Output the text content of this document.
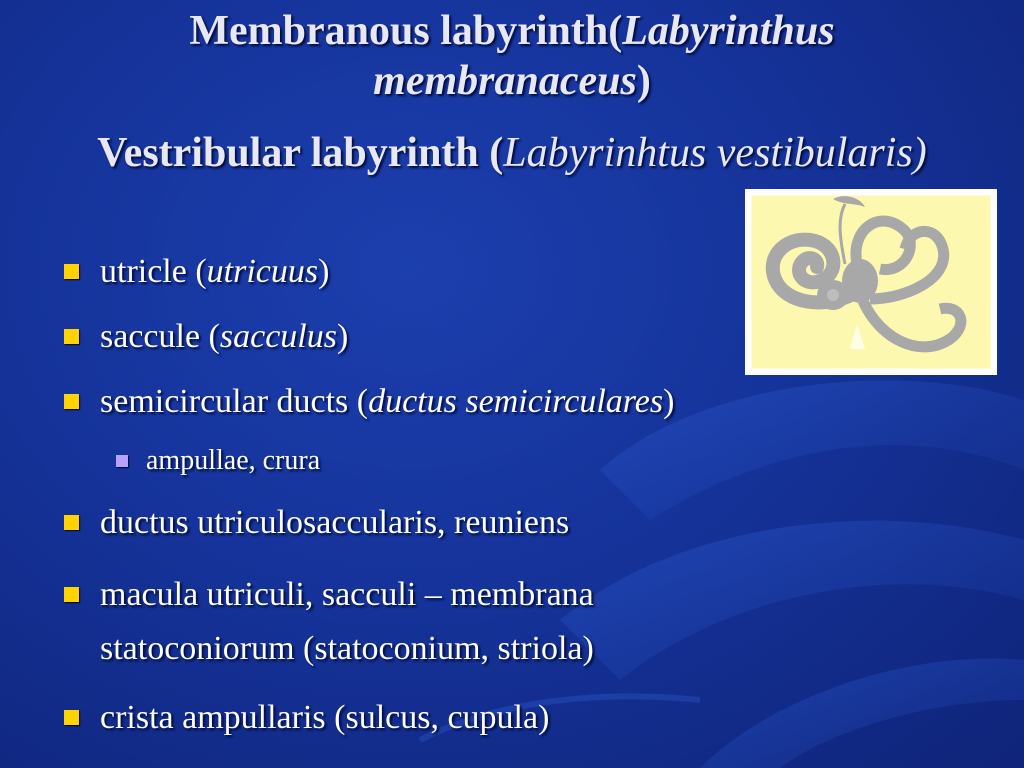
Membranous labyrinth(Labyrinthus
membranaceus)
Vestribular labyrinth (Labyrinhtus vestibularis)
utricle (utricuus)
saccule (sacculus)
semicircular ducts (ductus semicirculares)
ampullae, crura
ductus utriculosaccularis, reuniens
macula utriculi, sacculi – membrana
statoconiorum (statoconium, striola)
crista ampullaris (sulcus, cupula)
